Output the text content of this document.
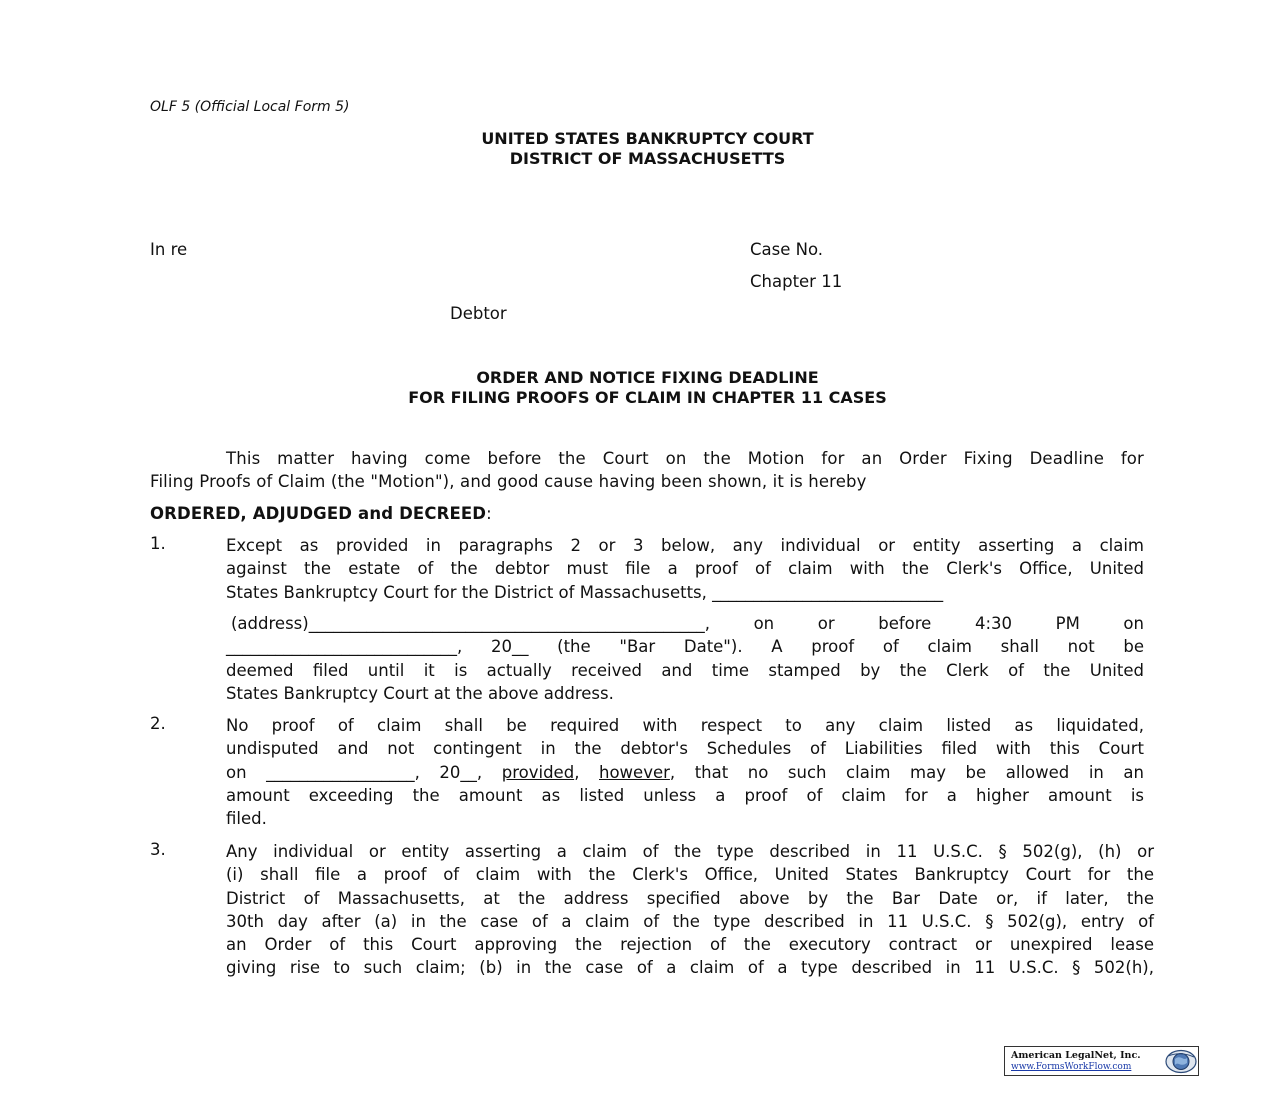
OLF 5 (Official Local Form 5)
UNITED STATES BANKRUPTCY COURT
DISTRICT OF MASSACHUSETTS
In re	Case No.
Chapter 11
Debtor
ORDER AND NOTICE FIXING DEADLINE
FOR FILING PROOFS OF CLAIM IN CHAPTER 11 CASES
This matter having come before the Court on the Motion for an Order Fixing Deadline for
Filing Proofs of Claim (the "Motion"), and good cause having been shown, it is hereby
ORDERED, ADJUDGED and DECREED:
1.	Except as provided in paragraphs 2 or 3 below, any individual or entity asserting a claim
against the estate of the debtor must file a proof of claim with the Clerk's Office, United
States Bankruptcy Court for the District of Massachusetts, ____________________________
(address)________________________________________________, on or before 4:30 PM on
____________________________, 20__ (the "Bar Date"). A proof of claim shall not be
deemed filed until it is actually received and time stamped by the Clerk of the United
States Bankruptcy Court at the above address.
2.	No proof of claim shall be required with respect to any claim listed as liquidated,
undisputed and not contingent in the debtor's Schedules of Liabilities filed with this Court
on __________________, 20__, provided, however, that no such claim may be allowed in an
amount exceeding the amount as listed unless a proof of claim for a higher amount is
filed.
3.	Any individual or entity asserting a claim of the type described in 11 U.S.C. § 502(g), (h) or
(i) shall file a proof of claim with the Clerk's Office, United States Bankruptcy Court for the
District of Massachusetts, at the address specified above by the Bar Date or, if later, the
30th day after (a) in the case of a claim of the type described in 11 U.S.C. § 502(g), entry of
an Order of this Court approving the rejection of the executory contract or unexpired lease
giving rise to such claim; (b) in the case of a claim of a type described in 11 U.S.C. § 502(h),
American LegalNet, Inc.
www.FormsWorkFlow.com
